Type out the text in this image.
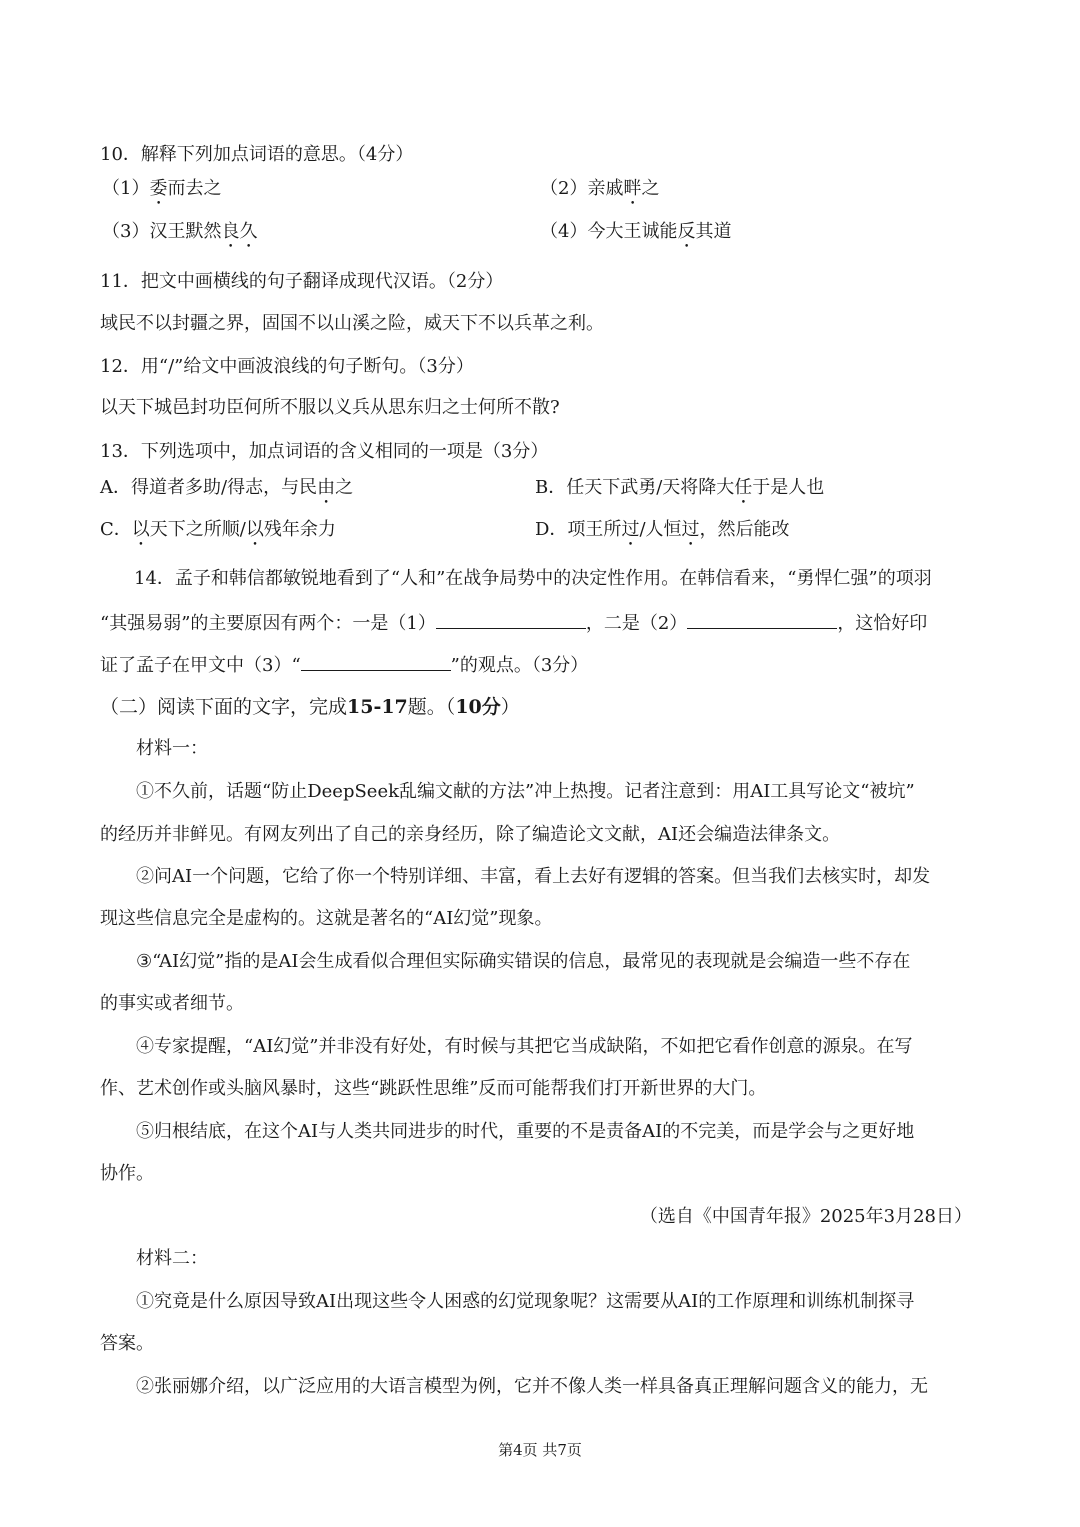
10．解释下列加点词语的意思。（4分）
（1）委而去之	（2）亲戚畔之
（3）汉王默然良久	（4）今大王诚能反其道
11．把文中画横线的句子翻译成现代汉语。（2分）
域民不以封疆之界，固国不以山溪之险，威天下不以兵革之利。
12．用“/”给文中画波浪线的句子断句。（3分）
以天下城邑封功臣何所不服以义兵从思东归之士何所不散?
13．下列选项中，加点词语的含义相同的一项是（3分）
A．得道者多助/得志，与民由之	B．任天下武勇/天将降大任于是人也
C．以天下之所顺/以残年余力	D．项王所过/人恒过，然后能改
14．孟子和韩信都敏锐地看到了“人和”在战争局势中的决定性作用。在韩信看来，“勇悍仁强”的项羽
“其强易弱”的主要原因有两个：一是（1）	，二是（2）	，这恰好印
证了孟子在甲文中（3）“	”的观点。（3分）
（二）阅读下面的文字，完成15-17题。（10分）
材料一：
①不久前，话题“防止DeepSeek乱编文献的方法”冲上热搜。记者注意到：用AI工具写论文“被坑”
的经历并非鲜见。有网友列出了自己的亲身经历，除了编造论文文献，AI还会编造法律条文。
②问AI一个问题，它给了你一个特别详细、丰富，看上去好有逻辑的答案。但当我们去核实时，却发
现这些信息完全是虚构的。这就是著名的“AI幻觉”现象。
③“AI幻觉”指的是AI会生成看似合理但实际确实错误的信息，最常见的表现就是会编造一些不存在
的事实或者细节。
④专家提醒，“AI幻觉”并非没有好处，有时候与其把它当成缺陷，不如把它看作创意的源泉。在写
作、艺术创作或头脑风暴时，这些“跳跃性思维”反而可能帮我们打开新世界的大门。
⑤归根结底，在这个AI与人类共同进步的时代，重要的不是责备AI的不完美，而是学会与之更好地
协作。
（选自《中国青年报》2025年3月28日）
材料二：
①究竟是什么原因导致AI出现这些令人困惑的幻觉现象呢？这需要从AI的工作原理和训练机制探寻
答案。
②张丽娜介绍，以广泛应用的大语言模型为例，它并不像人类一样具备真正理解问题含义的能力，无
第4页 共7页
